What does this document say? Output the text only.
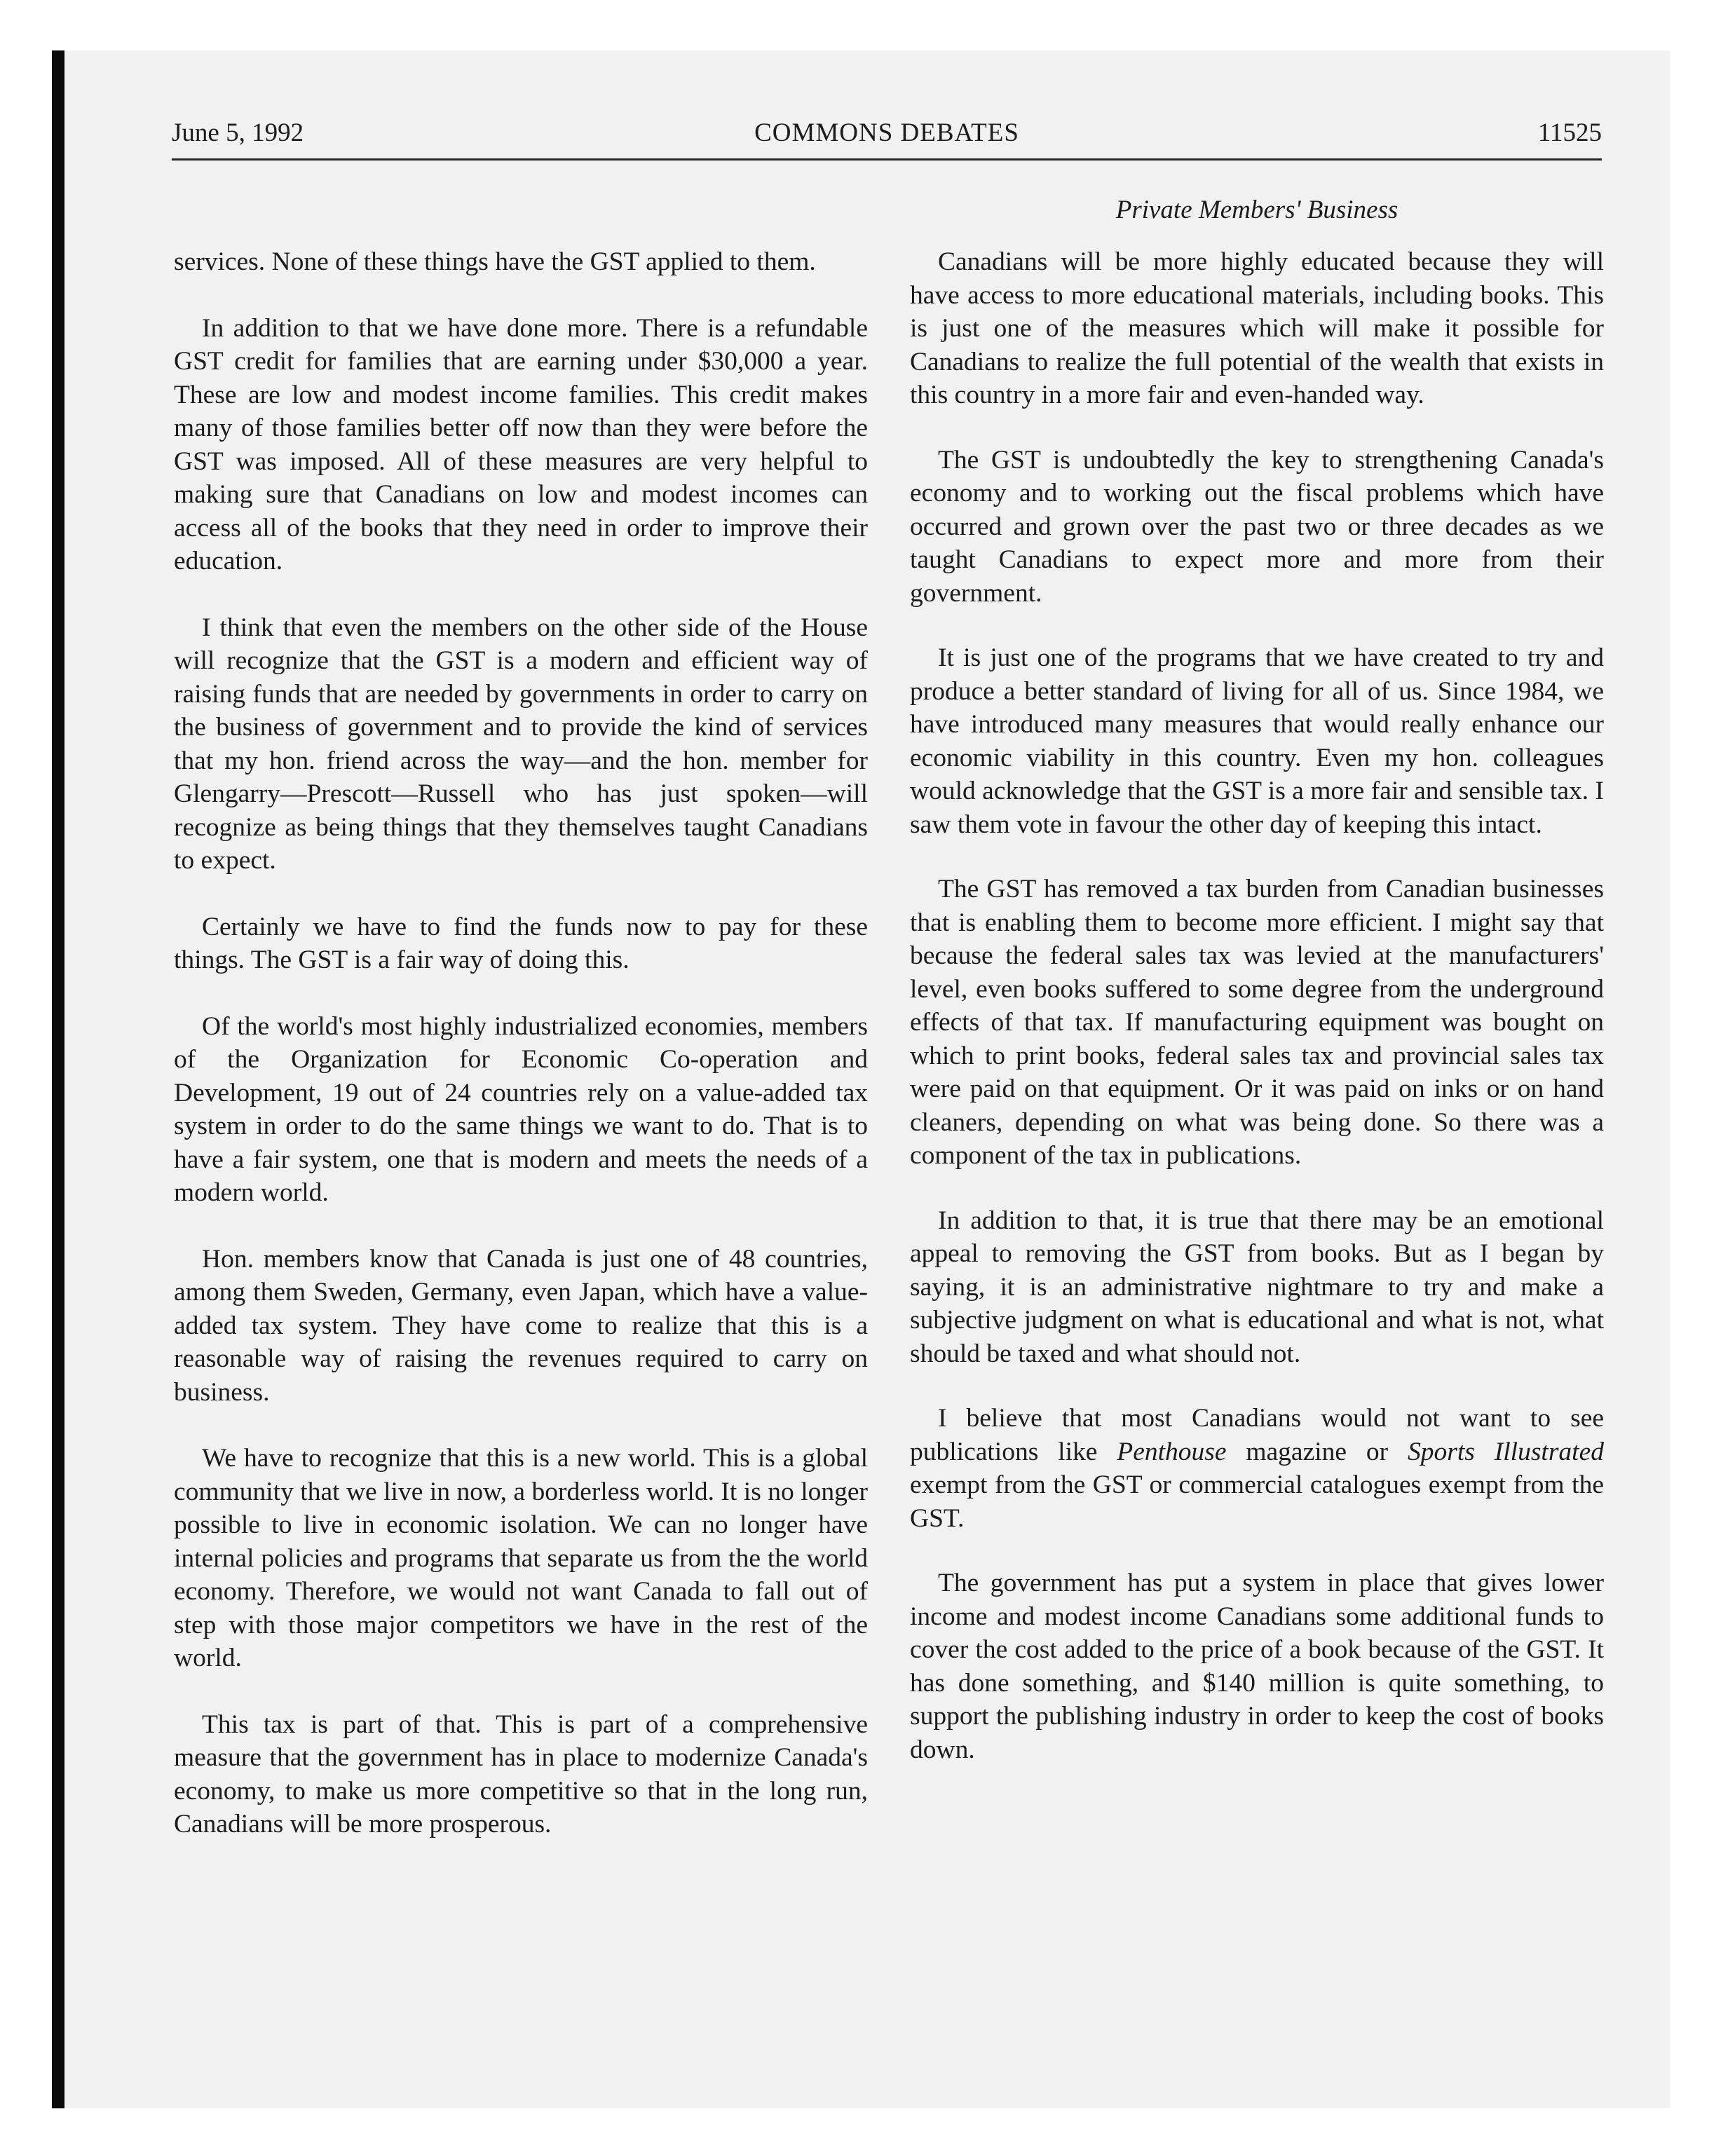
June 5, 1992	COMMONS DEBATES	11525
Private Members' Business

services. None of these things have the GST applied to them.

In addition to that we have done more. There is a refundable GST credit for families that are earning under $30,000 a year. These are low and modest income families. This credit makes many of those families better off now than they were before the GST was imposed. All of these measures are very helpful to making sure that Canadians on low and modest incomes can access all of the books that they need in order to improve their education.

I think that even the members on the other side of the House will recognize that the GST is a modern and efficient way of raising funds that are needed by governments in order to carry on the business of government and to provide the kind of services that my hon. friend across the way—and the hon. member for Glengarry—Prescott—Russell who has just spoken—will recognize as being things that they themselves taught Canadians to expect.

Certainly we have to find the funds now to pay for these things. The GST is a fair way of doing this.

Of the world's most highly industrialized economies, members of the Organization for Economic Co-operation and Development, 19 out of 24 countries rely on a value-added tax system in order to do the same things we want to do. That is to have a fair system, one that is modern and meets the needs of a modern world.

Hon. members know that Canada is just one of 48 countries, among them Sweden, Germany, even Japan, which have a value-added tax system. They have come to realize that this is a reasonable way of raising the revenues required to carry on business.

We have to recognize that this is a new world. This is a global community that we live in now, a borderless world. It is no longer possible to live in economic isolation. We can no longer have internal policies and programs that separate us from the the world economy. Therefore, we would not want Canada to fall out of step with those major competitors we have in the rest of the world.

This tax is part of that. This is part of a comprehensive measure that the government has in place to modernize Canada's economy, to make us more competitive so that in the long run, Canadians will be more prosperous.

Canadians will be more highly educated because they will have access to more educational materials, including books. This is just one of the measures which will make it possible for Canadians to realize the full potential of the wealth that exists in this country in a more fair and even-handed way.

The GST is undoubtedly the key to strengthening Canada's economy and to working out the fiscal problems which have occurred and grown over the past two or three decades as we taught Canadians to expect more and more from their government.

It is just one of the programs that we have created to try and produce a better standard of living for all of us. Since 1984, we have introduced many measures that would really enhance our economic viability in this country. Even my hon. colleagues would acknowledge that the GST is a more fair and sensible tax. I saw them vote in favour the other day of keeping this intact.

The GST has removed a tax burden from Canadian businesses that is enabling them to become more efficient. I might say that because the federal sales tax was levied at the manufacturers' level, even books suffered to some degree from the underground effects of that tax. If manufacturing equipment was bought on which to print books, federal sales tax and provincial sales tax were paid on that equipment. Or it was paid on inks or on hand cleaners, depending on what was being done. So there was a component of the tax in publications.

In addition to that, it is true that there may be an emotional appeal to removing the GST from books. But as I began by saying, it is an administrative nightmare to try and make a subjective judgment on what is educational and what is not, what should be taxed and what should not.

I believe that most Canadians would not want to see publications like Penthouse magazine or Sports Illustrated exempt from the GST or commercial catalogues exempt from the GST.

The government has put a system in place that gives lower income and modest income Canadians some additional funds to cover the cost added to the price of a book because of the GST. It has done something, and $140 million is quite something, to support the publishing industry in order to keep the cost of books down.
